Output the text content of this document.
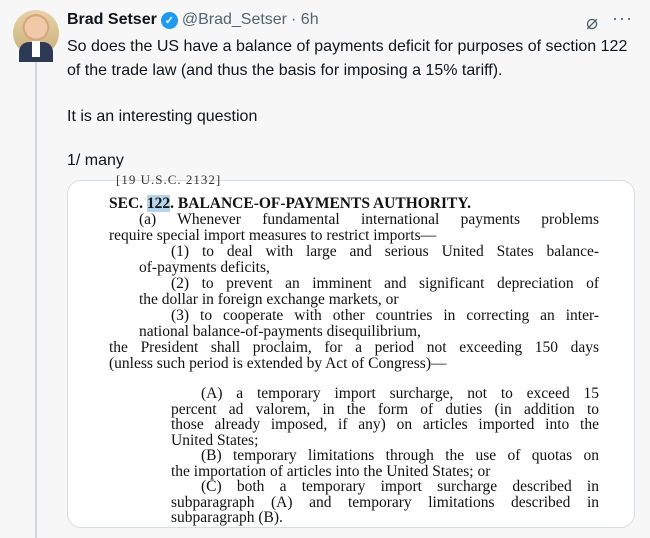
Brad Setser ✓ @Brad_Setser · 6h	⌀ ···

So does the US have a balance of payments deficit for purposes of section 122 of the trade law (and thus the basis for imposing a 15% tariff).

It is an interesting question

1/ many

[19 U.S.C. 2132]
SEC. 122. BALANCE-OF-PAYMENTS AUTHORITY.
(a) Whenever fundamental international payments problems
require special import measures to restrict imports—
(1) to deal with large and serious United States balance-
of-payments deficits,
(2) to prevent an imminent and significant depreciation of
the dollar in foreign exchange markets, or
(3) to cooperate with other countries in correcting an inter-
national balance-of-payments disequilibrium,
the President shall proclaim, for a period not exceeding 150 days
(unless such period is extended by Act of Congress)—
(A) a temporary import surcharge, not to exceed 15
percent ad valorem, in the form of duties (in addition to
those already imposed, if any) on articles imported into the
United States;
(B) temporary limitations through the use of quotas on
the importation of articles into the United States; or
(C) both a temporary import surcharge described in
subparagraph (A) and temporary limitations described in
subparagraph (B).
